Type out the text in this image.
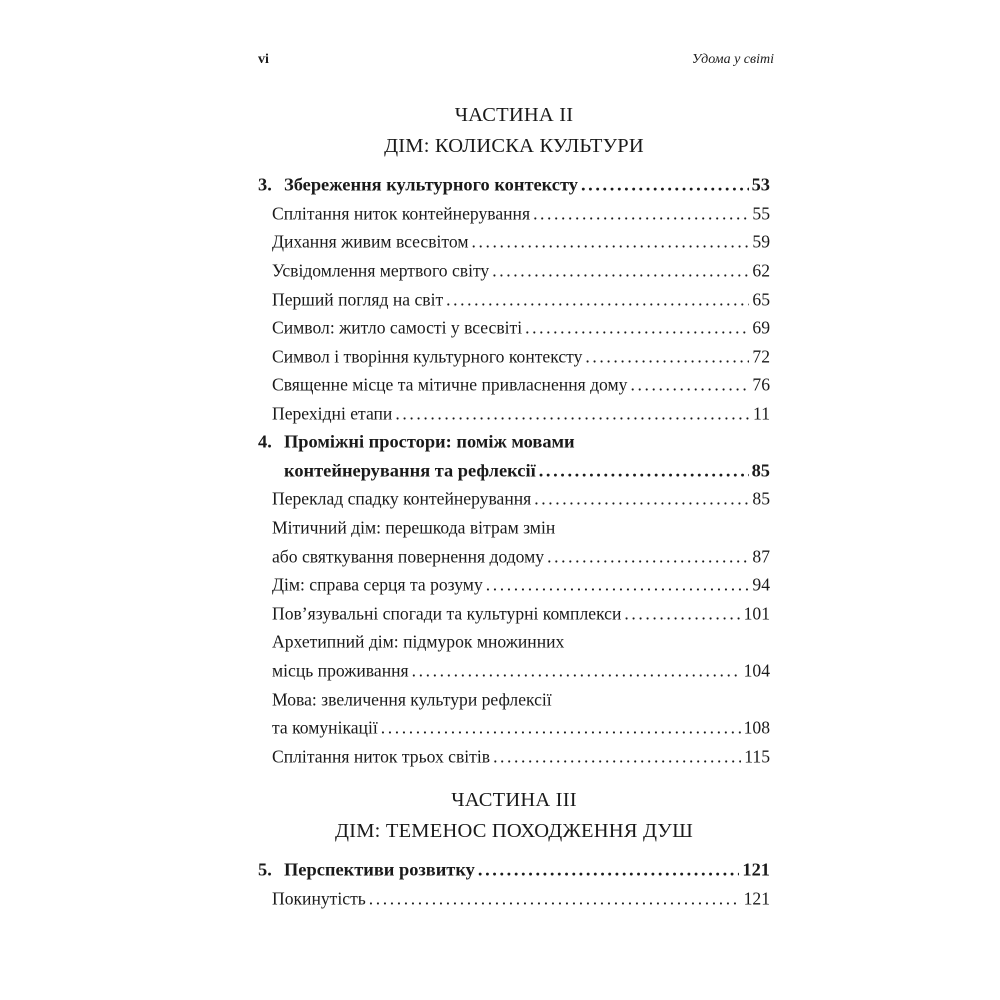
vi	Удома у світі
ЧАСТИНА II
ДІМ: КОЛИСКА КУЛЬТУРИ
3. Збереження культурного контексту .....	53
Сплітання ниток контейнерування .....	55
Дихання живим всесвітом .....	59
Усвідомлення мертвого світу .....	62
Перший погляд на світ .....	65
Символ: житло самості у всесвіті .....	69
Символ і творіння культурного контексту .....	72
Священне місце та мітичне привласнення дому .....	76
Перехідні етапи .....	11
4. Проміжні простори: поміж мовами
контейнерування та рефлексії .....	85
Переклад спадку контейнерування .....	85
Мітичний дім: перешкода вітрам змін
або святкування повернення додому .....	87
Дім: справа серця та розуму .....	94
Пов’язувальні спогади та культурні комплекси .....	101
Архетипний дім: підмурок множинних
місць проживання .....	104
Мова: звеличення культури рефлексії
та комунікації .....	108
Сплітання ниток трьох світів .....	115
ЧАСТИНА III
ДІМ: ТЕМЕНОС ПОХОДЖЕННЯ ДУШ
5. Перспективи розвитку .....	121
Покинутість .....	121
